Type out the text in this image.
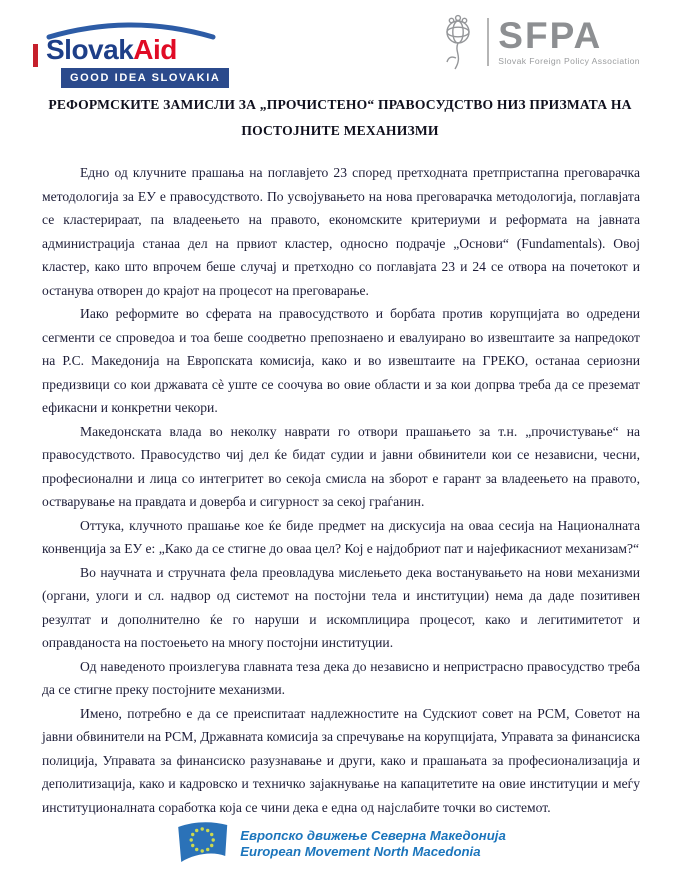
SlovakAid
GOOD IDEA SLOVAKIA
SFPA
Slovak Foreign Policy Association
РЕФОРМСКИТЕ ЗАМИСЛИ ЗА „ПРОЧИСТЕНО“ ПРАВОСУДСТВО НИЗ ПРИЗМАТА НА ПОСТОЈНИТЕ МЕХАНИЗМИ

Едно од клучните прашања на поглавјето 23 според претходната претпристапна преговарачка методологија за ЕУ е правосудството. По усвојувањето на нова преговарачка методологија, поглавјата се кластерираат, па владеењето на правото, економските критериуми и реформата на јавната администрација станаа дел на првиот кластер, односно подрачје „Основи“ (Fundamentals). Овој кластер, како што впрочем беше случај и претходно со поглавјата 23 и 24 се отвора на почетокот и останува отворен до крајот на процесот на преговарање.

Иако реформите во сферата на правосудството и борбата против корупцијата во одредени сегменти се спроведоа и тоа беше соодветно препознаено и евалуирано во извештаите за напредокот на Р.С. Македонија на Европската комисија, како и во извештаите на ГРЕКО, останаа сериозни предизвици со кои државата сè уште се соочува во овие области и за кои допрва треба да се преземат ефикасни и конкретни чекори.

Македонската влада во неколку наврати го отвори прашањето за т.н. „прочистување“ на правосудството. Правосудство чиј дел ќе бидат судии и јавни обвинители кои се независни, чесни, професионални и лица со интегритет во секоја смисла на зборот е гарант за владеењето на правото, остварување на правдата и доверба и сигурност за секој граѓанин.

Оттука, клучното прашање кое ќе биде предмет на дискусија на оваа сесија на Националната конвенција за ЕУ е: „Како да се стигне до оваа цел? Кој е најдобриот пат и најефикасниот механизам?“

Во научната и стручната фела преовладува мислењето дека востанувањето на нови механизми (органи, улоги и сл. надвор од системот на постојни тела и институции) нема да даде позитивен резултат и дополнително ќе го наруши и искомплицира процесот, како и легитимитетот и оправданоста на постоењето на многу постојни институции.

Од наведеното произлегува главната теза дека до независно и непристрасно правосудство треба да се стигне преку постојните механизми.

Имено, потребно е да се преиспитаат надлежностите на Судскиот совет на РСМ, Советот на јавни обвинители на РСМ, Државната комисија за спречување на корупцијата, Управата за финансиска полиција, Управата за финансиско разузнавање и други, како и прашањата за професионализација и деполитизација, како и кадровско и техничко зајакнување на капацитетите на овие институции и меѓу институционалната соработка која се чини дека е една од најслабите точки во системот.

Европско движење Северна Македонија
European Movement North Macedonia
